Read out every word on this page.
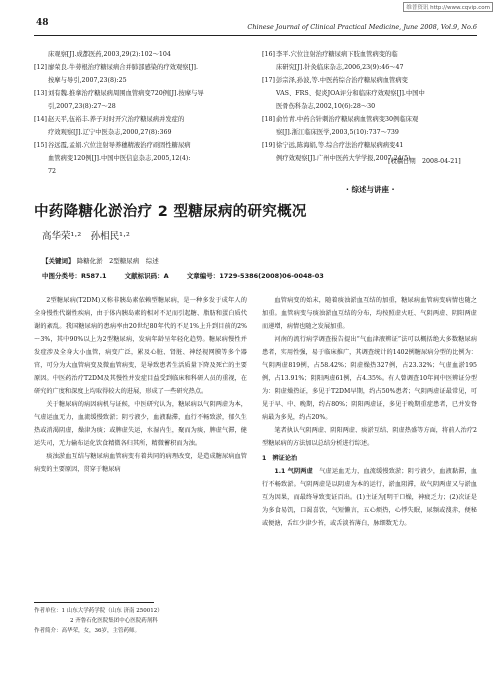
维普资讯 http://www.cqvip.com
48	Chinese Journal of Clinical Practical Medicine, June 2008, Vol.9, No.6
床观察[J].成都医药,2003,29(2):102～104
[12] 廖荣良.牛蒡根治疗糖尿病合并肺部感染的疗效观察[J].
按摩与导引,2007,23(8):25
[13] 刘有魏.推拿治疗糖尿病周围血管病变720例[J].按摩与导
引,2007,23(8):27～28
[14] 赵天平,伍裕丰.养子对时开穴治疗糖尿病并发症的
疗效观察[J].辽宁中医杂志,2000,27(8):369
[15] 谷远霞,孟娟.穴位注射导养穗精液治疗顽固性糖尿病
血管病变120例[J].中国中医信息杂志,2005,12(4):
72
[16] 李平.穴位注射治疗糖尿病下肢血管病变的临
床研究[J].针灸临床杂志,2006,23(9):46～47
[17] 彭宗泽,孙波,等.中医药综合治疗糖尿病血管病变
VAS、FRS、促炎JOA评分和临床疗效观察[J].中国中
医骨伤科杂志,2002,10(6):28～30
[18] 俞竹青.中药合针刺治疗糖尿病血管病变30例临床观
察[J].浙江临床医学,2003,5(10):737～739
[19] 徐宁远,陈海娟,等.综合疗法治疗糖尿病病变41
例疗效观察[J].广州中医药大学学报,2007,24(5)
[收稿日期　2008-04-21]
· 综述与讲座 ·
中药降糖化淤治疗 2 型糖尿病的研究概况
高华荣¹·²　孙相民¹·²
【关键词】 降糖化淤　2型糖尿病　综述
中图分类号：R587.1	文献标识码：A	文章编号：1729-5386(2008)06-0048-03

2型糖尿病(T2DM)又称非胰岛素依赖型糖尿病，是一种多发于成年人的全身慢性代谢性疾病，由于体内胰岛素的相对不足而引起糖、脂肪和蛋白质代谢的紊乱。我国糖尿病的患病率由20世纪80年代的不足1%上升到目前的2%～3%，其中90%以上为2型糖尿病，发病年龄呈年轻化趋势。糖尿病慢性并发症涉及全身大小血管，病变广泛，累及心脏、肾脏、神经视网膜等多个器官，可分为大血管病变及微血管病变，是导致患者生活质量下降及死亡的主要原因。中医药治疗T2DM及其慢性并发症目益受到临床和科研人员的重视，在研究的广度和深度上均取得较大的进展，形成了一些研究热点。

关于糖尿病的病因病机与证候，中医研究认为，糖尿病以气阴两虚为本，气虚运血无力，血流缓慢致淤；阴亏液少，血液黏滞，血行不畅致淤，郁久生热或消渴阴虚，燥津为痰；或脾虚失运，水湿内生，聚而为痰，脾虚气滞，健运失司，无力输布运化饮食精微各归其所，精微蓄积而为浊。

痰浊淤血互结与糖尿病血管病变有着共同的病理改变，是造成糖尿病血管病变的主要原因，贯穿于糖尿病

作者单位：1 山东大学药学院（山东 济南 250012）
2 齐鲁石化医院集团中心医院药剂科
作者简介：高华荣，女，36岁，主管药师。

血管病变的始末，随着痰浊淤血互结的加重，糖尿病血管病变病情也随之加重。血管病变与痰浊淤血互结的分布，均按照虚火旺、气阴两虚、阴阳两虚而递增，病情也随之发展加重。

河南的流行病学调查报告提出“气血津液辨证”法可以概括绝大多数糖尿病患者，实用性强，易于临床推广，其调查统计的1402例糖尿病分型的比例为：气阴两虚819例，占58.42%；阴虚燥热327例，占23.32%；气虚血淤195例，占13.91%；阴阳两虚61例，占4.35%。有人曾调查10年间中医辨证分型为：阴虚燥热证，多见于T2DM早期，约占50%患者；气阴两虚证最常见，可见于早、中、晚期，约占80%；阴阳两虚证，多见于晚期重症患者，已并发脊病最为多见，约占20%。

笔者执认气阴两虚、阴阳两虚、痰淤互结、阴虚热盛等方面，将前人治疗2型糖尿病的方法加以总结分析进行综述。

1　辨证论治

1.1 气阴两虚　 气虚运血无力，血流缓慢致淤；阴亏液少，血液黏滞，血行不畅致淤。气阴两虚是以阴虚为本的运行，淤血阻滞，故气阴两虚又与淤血互为因果，而最终导致变证百出。(1)主证为[明干口燥，神疲乏力；(2)次证是为多食易饥，口渴喜饮，气短懒言，五心烦热，心悸失眠，尿频或溲赤，便秘或便溏，舌红少津少苔，或舌淡苔薄白，脉细数无力。
